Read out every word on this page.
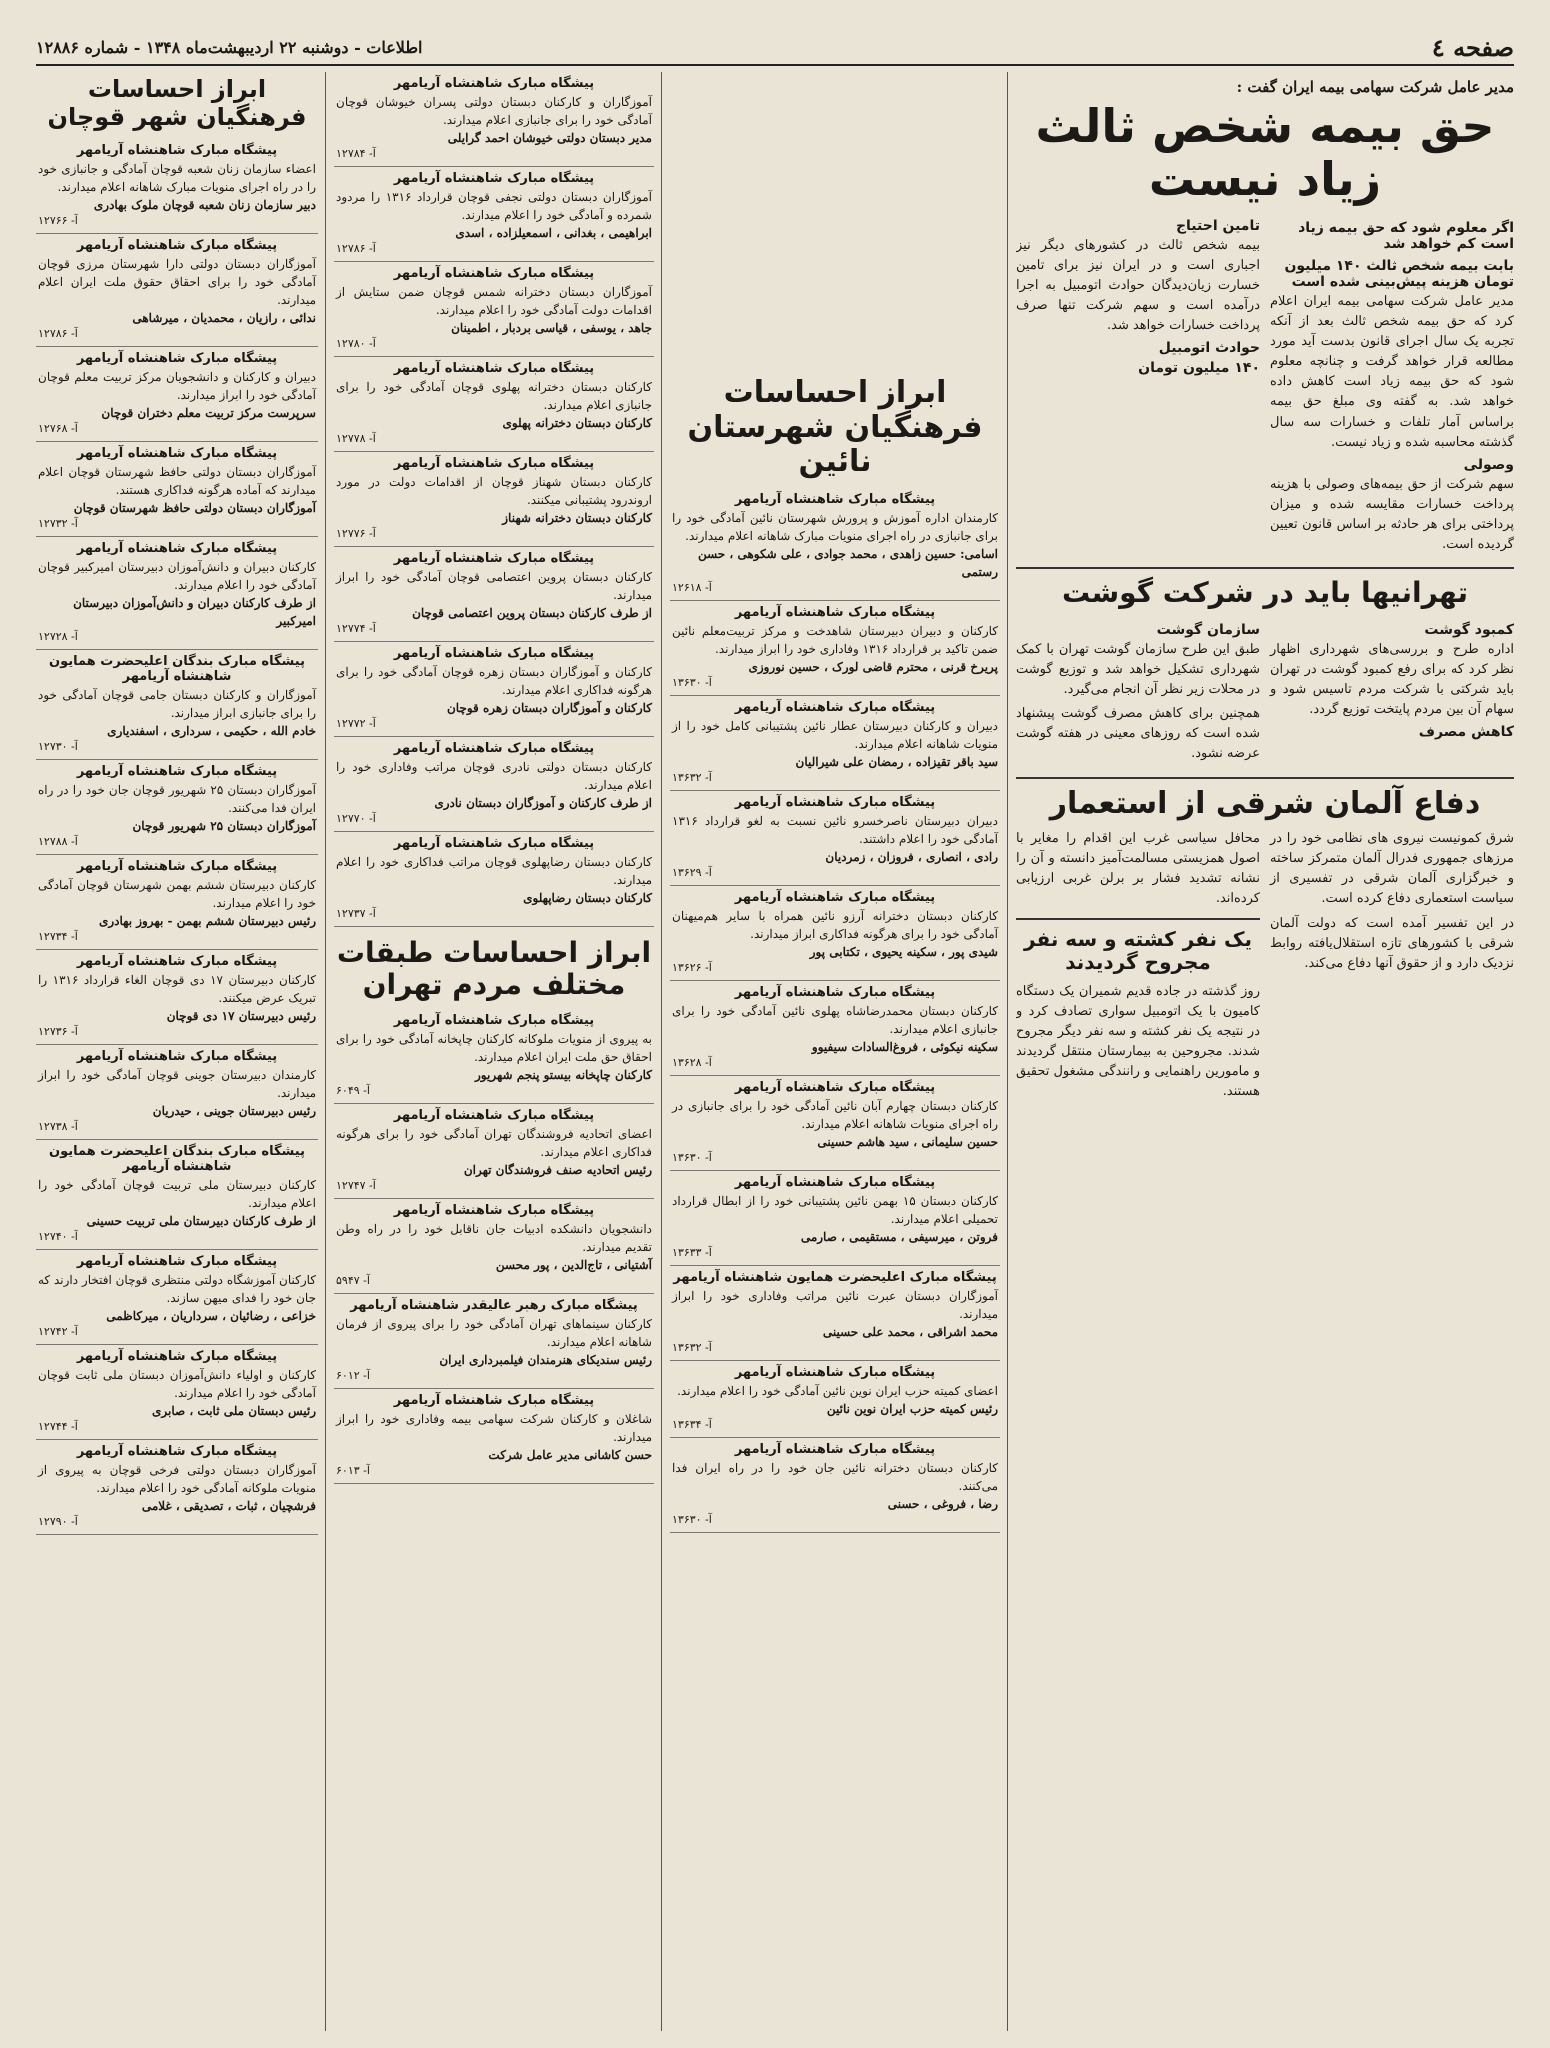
صفحه ٤
اطلاعات - دوشنبه ۲۲ اردیبهشت‌ماه ۱۳۴۸ - شماره ۱۲۸۸۶
مدیر عامل شرکت سهامی بیمه ایران گفت :
حق بیمه شخص ثالث زیاد نیست
اگر معلوم شود که حق بیمه زیاد است کم خواهد شد
بابت بیمه شخص ثالث ۱۴۰ میلیون تومان هزینه پیش‌بینی شده است

مدیر عامل شرکت سهامی بیمه ایران اعلام کرد که حق بیمه شخص ثالث بعد از آنکه تجربه یک سال اجرای قانون بدست آید مورد مطالعه قرار خواهد گرفت و چنانچه معلوم شود که حق بیمه زیاد است کاهش داده خواهد شد. به گفته وی مبلغ حق بیمه براساس آمار تلفات و خسارات سه سال گذشته محاسبه شده و زیاد نیست.

وصولی

سهم شرکت از حق بیمه‌های وصولی با هزینه پرداخت خسارات مقایسه شده و میزان پرداختی برای هر حادثه بر اساس قانون تعیین گردیده است.

تامین احتیاج

بیمه شخص ثالث در کشورهای دیگر نیز اجباری است و در ایران نیز برای تامین خسارت زیان‌دیدگان حوادث اتومبیل به اجرا درآمده است و سهم شرکت تنها صرف پرداخت خسارات خواهد شد.

حوادث اتومبیل
۱۴۰ میلیون تومان
تهرانیها باید در شرکت گوشت
کمبود گوشت

اداره طرح و بررسی‌های شهرداری اظهار نظر کرد که برای رفع کمبود گوشت در تهران باید شرکتی با شرکت مردم تاسیس شود و سهام آن بین مردم پایتخت توزیع گردد.

کاهش مصرف
سازمان گوشت

طبق این طرح سازمان گوشت تهران با کمک شهرداری تشکیل خواهد شد و توزیع گوشت در محلات زیر نظر آن انجام می‌گیرد.

همچنین برای کاهش مصرف گوشت پیشنهاد شده است که روزهای معینی در هفته گوشت عرضه نشود.

دفاع آلمان شرقی از استعمار

شرق کمونیست نیروی های نظامی خود را در مرزهای جمهوری فدرال آلمان متمرکز ساخته و خبرگزاری آلمان شرقی در تفسیری از سیاست استعماری دفاع کرده است.

در این تفسیر آمده است که دولت آلمان شرقی با کشورهای تازه استقلال‌یافته روابط نزدیک دارد و از حقوق آنها دفاع می‌کند.

محافل سیاسی غرب این اقدام را مغایر با اصول همزیستی مسالمت‌آمیز دانسته و آن را نشانه تشدید فشار بر برلن غربی ارزیابی کرده‌اند.

یک نفر کشته و سه نفر مجروح گردیدند

روز گذشته در جاده قدیم شمیران یک دستگاه کامیون با یک اتومبیل سواری تصادف کرد و در نتیجه یک نفر کشته و سه نفر دیگر مجروح شدند. مجروحین به بیمارستان منتقل گردیدند و مامورین راهنمایی و رانندگی مشغول تحقیق هستند.

ابراز احساسات فرهنگیان شهرستان نائین
پیشگاه مبارک شاهنشاه آریامهر
کارمندان اداره آموزش و پرورش شهرستان نائین آمادگی خود را برای جانبازی در راه اجرای منویات مبارک شاهانه اعلام میدارند.
اسامی: حسین زاهدی ، محمد جوادی ، علی شکوهی ، حسن رستمی
آ- ۱۲۶۱۸
پیشگاه مبارک شاهنشاه آریامهر
کارکنان و دبیران دبیرستان شاهدخت و مرکز تربیت‌معلم نائین ضمن تاکید بر قرارداد ۱۳۱۶ وفاداری خود را ابراز میدارند.
پریرخ قرنی ، محترم قاضی لورک ، حسین نوروزی
آ- ۱۳۶۳۰
پیشگاه مبارک شاهنشاه آریامهر
دبیران و کارکنان دبیرستان عطار نائین پشتیبانی کامل خود را از منویات شاهانه اعلام میدارند.
سید باقر تقیزاده ، رمضان علی شیرالیان
آ- ۱۳۶۳۲
پیشگاه مبارک شاهنشاه آریامهر
دبیران دبیرستان ناصرخسرو نائین نسبت به لغو قرارداد ۱۳۱۶ آمادگی خود را اعلام داشتند.
رادی ، انصاری ، فروزان ، زمردیان
آ- ۱۳۶۲۹
پیشگاه مبارک شاهنشاه آریامهر
کارکنان دبستان دخترانه آرزو نائین همراه با سایر هم‌میهنان آمادگی خود را برای هرگونه فداکاری ابراز میدارند.
شیدی پور ، سکینه یحیوی ، تکتابی پور
آ- ۱۳۶۲۶
پیشگاه مبارک شاهنشاه آریامهر
کارکنان دبستان محمدرضاشاه پهلوی نائین آمادگی خود را برای جانبازی اعلام میدارند.
سکینه نیکوئی ، فروغ‌السادات سیفیوو
آ- ۱۳۶۲۸
پیشگاه مبارک شاهنشاه آریامهر
کارکنان دبستان چهارم آبان نائین آمادگی خود را برای جانبازی در راه اجرای منویات شاهانه اعلام میدارند.
حسین سلیمانی ، سید هاشم حسینی
آ- ۱۳۶۳۰
پیشگاه مبارک شاهنشاه آریامهر
کارکنان دبستان ۱۵ بهمن نائین پشتیبانی خود را از ابطال قرارداد تحمیلی اعلام میدارند.
فروتن ، میرسیفی ، مستقیمی ، صارمی
آ- ۱۳۶۳۳
پیشگاه مبارک اعلیحضرت همایون شاهنشاه آریامهر
آموزگاران دبستان عبرت نائین مراتب وفاداری خود را ابراز میدارند.
محمد اشراقی ، محمد علی حسینی
آ- ۱۳۶۳۲
پیشگاه مبارک شاهنشاه آریامهر
اعضای کمیته حزب ایران نوین نائین آمادگی خود را اعلام میدارند.
رئیس کمیته حزب ایران نوین نائین
آ- ۱۳۶۳۴
پیشگاه مبارک شاهنشاه آریامهر
کارکنان دبستان دخترانه نائین جان خود را در راه ایران فدا می‌کنند.
رضا ، فروغی ، حسنی
آ- ۱۳۶۳۰
پیشگاه مبارک شاهنشاه آریامهر
آموزگاران و کارکنان دبستان دولتی پسران خیوشان قوچان آمادگی خود را برای جانبازی اعلام میدارند.
مدیر دبستان دولتی خیوشان احمد گرایلی
آ- ۱۲۷۸۴
پیشگاه مبارک شاهنشاه آریامهر
آموزگاران دبستان دولتی نجفی قوچان قرارداد ۱۳۱۶ را مردود شمرده و آمادگی خود را اعلام میدارند.
ابراهیمی ، بغدانی ، اسمعیلزاده ، اسدی
آ- ۱۲۷۸۶
پیشگاه مبارک شاهنشاه آریامهر
آموزگاران دبستان دخترانه شمس قوچان ضمن ستایش از اقدامات دولت آمادگی خود را اعلام میدارند.
جاهد ، یوسفی ، قیاسی بردبار ، اطمینان
آ- ۱۲۷۸۰
پیشگاه مبارک شاهنشاه آریامهر
کارکنان دبستان دخترانه پهلوی قوچان آمادگی خود را برای جانبازی اعلام میدارند.
کارکنان دبستان دخترانه پهلوی
آ- ۱۲۷۷۸
پیشگاه مبارک شاهنشاه آریامهر
کارکنان دبستان شهناز قوچان از اقدامات دولت در مورد اروندرود پشتیبانی میکنند.
کارکنان دبستان دخترانه شهناز
آ- ۱۲۷۷۶
پیشگاه مبارک شاهنشاه آریامهر
کارکنان دبستان پروین اعتصامی قوچان آمادگی خود را ابراز میدارند.
از طرف کارکنان دبستان پروین اعتصامی قوچان
آ- ۱۲۷۷۴
پیشگاه مبارک شاهنشاه آریامهر
کارکنان و آموزگاران دبستان زهره قوچان آمادگی خود را برای هرگونه فداکاری اعلام میدارند.
کارکنان و آموزگاران دبستان زهره قوچان
آ- ۱۲۷۷۲
پیشگاه مبارک شاهنشاه آریامهر
کارکنان دبستان دولتی نادری قوچان مراتب وفاداری خود را اعلام میدارند.
از طرف کارکنان و آموزگاران دبستان نادری
آ- ۱۲۷۷۰
پیشگاه مبارک شاهنشاه آریامهر
کارکنان دبستان رضاپهلوی قوچان مراتب فداکاری خود را اعلام میدارند.
کارکنان دبستان رضاپهلوی
آ- ۱۲۷۳۷
ابراز احساسات طبقات مختلف مردم تهران
پیشگاه مبارک شاهنشاه آریامهر
به پیروی از منویات ملوکانه کارکنان چاپخانه آمادگی خود را برای احقاق حق ملت ایران اعلام میدارند.
کارکنان چاپخانه بیستو پنجم شهریور
آ- ۶۰۴۹
پیشگاه مبارک شاهنشاه آریامهر
اعضای اتحادیه فروشندگان تهران آمادگی خود را برای هرگونه فداکاری اعلام میدارند.
رئیس اتحادیه صنف فروشندگان تهران
آ- ۱۲۷۴۷
پیشگاه مبارک شاهنشاه آریامهر
دانشجویان دانشکده ادبیات جان ناقابل خود را در راه وطن تقدیم میدارند.
آشتیانی ، تاج‌الدین ، پور محسن
آ- ۵۹۴۷
پیشگاه مبارک رهبر عالیقدر شاهنشاه آریامهر
کارکنان سینماهای تهران آمادگی خود را برای پیروی از فرمان شاهانه اعلام میدارند.
رئیس سندیکای هنرمندان فیلمبرداری ایران
آ- ۶۰۱۲
پیشگاه مبارک شاهنشاه آریامهر
شاغلان و کارکنان شرکت سهامی بیمه وفاداری خود را ابراز میدارند.
حسن کاشانی مدیر عامل شرکت
آ- ۶۰۱۳
ابراز احساسات فرهنگیان شهر قوچان
پیشگاه مبارک شاهنشاه آریامهر
اعضاء سازمان زنان شعبه قوچان آمادگی و جانبازی خود را در راه اجرای منویات مبارک شاهانه اعلام میدارند.
دبیر سازمان زنان شعبه قوچان ملوک بهادری
آ- ۱۲۷۶۶
پیشگاه مبارک شاهنشاه آریامهر
آموزگاران دبستان دولتی دارا شهرستان مرزی قوچان آمادگی خود را برای احقاق حقوق ملت ایران اعلام میدارند.
ندائی ، رازیان ، محمدیان ، میرشاهی
آ- ۱۲۷۸۶
پیشگاه مبارک شاهنشاه آریامهر
دبیران و کارکنان و دانشجویان مرکز تربیت معلم قوچان آمادگی خود را ابراز میدارند.
سرپرست مرکز تربیت معلم دختران قوچان
آ- ۱۲۷۶۸
پیشگاه مبارک شاهنشاه آریامهر
آموزگاران دبستان دولتی حافظ شهرستان قوچان اعلام میدارند که آماده هرگونه فداکاری هستند.
آموزگاران دبستان دولتی حافظ شهرستان قوچان
آ- ۱۲۷۳۲
پیشگاه مبارک شاهنشاه آریامهر
کارکنان دبیران و دانش‌آموزان دبیرستان امیرکبیر قوچان آمادگی خود را اعلام میدارند.
از طرف کارکنان دبیران و دانش‌آموزان دبیرستان امیرکبیر
آ- ۱۲۷۲۸
پیشگاه مبارک بندگان اعلیحضرت همایون شاهنشاه آریامهر
آموزگاران و کارکنان دبستان جامی قوچان آمادگی خود را برای جانبازی ابراز میدارند.
خادم الله ، حکیمی ، سرداری ، اسفندیاری
آ- ۱۲۷۳۰
پیشگاه مبارک شاهنشاه آریامهر
آموزگاران دبستان ۲۵ شهریور قوچان جان خود را در راه ایران فدا می‌کنند.
آموزگاران دبستان ۲۵ شهریور قوچان
آ- ۱۲۷۸۸
پیشگاه مبارک شاهنشاه آریامهر
کارکنان دبیرستان ششم بهمن شهرستان قوچان آمادگی خود را اعلام میدارند.
رئیس دبیرستان ششم بهمن - بهروز بهادری
آ- ۱۲۷۳۴
پیشگاه مبارک شاهنشاه آریامهر
کارکنان دبیرستان ۱۷ دی قوچان الغاء قرارداد ۱۳۱۶ را تبریک عرض میکنند.
رئیس دبیرستان ۱۷ دی قوچان
آ- ۱۲۷۳۶
پیشگاه مبارک شاهنشاه آریامهر
کارمندان دبیرستان جوینی قوچان آمادگی خود را ابراز میدارند.
رئیس دبیرستان جوینی ، حیدریان
آ- ۱۲۷۳۸
پیشگاه مبارک بندگان اعلیحضرت همایون شاهنشاه آریامهر
کارکنان دبیرستان ملی تربیت قوچان آمادگی خود را اعلام میدارند.
از طرف کارکنان دبیرستان ملی تربیت حسینی
آ- ۱۲۷۴۰
پیشگاه مبارک شاهنشاه آریامهر
کارکنان آموزشگاه دولتی منتظری قوچان افتخار دارند که جان خود را فدای میهن سازند.
خزاعی ، رضائیان ، سرداریان ، میرکاظمی
آ- ۱۲۷۴۲
پیشگاه مبارک شاهنشاه آریامهر
کارکنان و اولیاء دانش‌آموزان دبستان ملی ثابت قوچان آمادگی خود را اعلام میدارند.
رئیس دبستان ملی ثابت ، صابری
آ- ۱۲۷۴۴
پیشگاه مبارک شاهنشاه آریامهر
آموزگاران دبستان دولتی فرخی قوچان به پیروی از منویات ملوکانه آمادگی خود را اعلام میدارند.
فرشچیان ، ثبات ، تصدیقی ، غلامی
آ- ۱۲۷۹۰
